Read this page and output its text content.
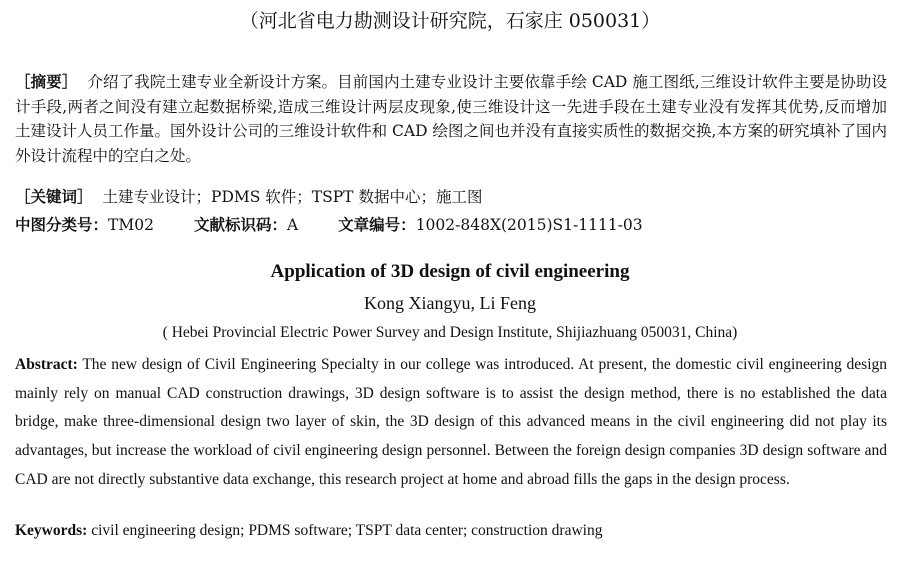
（河北省电力勘测设计研究院，石家庄 050031）
［摘要］ 介绍了我院土建专业全新设计方案。目前国内土建专业设计主要依靠手绘 CAD 施工图纸,三维设计软件主要是协助设计手段,两者之间没有建立起数据桥梁,造成三维设计两层皮现象,使三维设计这一先进手段在土建专业没有发挥其优势,反而增加土建设计人员工作量。国外设计公司的三维设计软件和 CAD 绘图之间也并没有直接实质性的数据交换,本方案的研究填补了国内外设计流程中的空白之处。
［关键词］ 土建专业设计；PDMS 软件；TSPT 数据中心；施工图
中图分类号：TM02	文献标识码：A	文章编号：1002-848X(2015)S1-1111-03
Application of 3D design of civil engineering
Kong Xiangyu, Li Feng
( Hebei Provincial Electric Power Survey and Design Institute, Shijiazhuang 050031, China)
Abstract: The new design of Civil Engineering Specialty in our college was introduced. At present, the domestic civil engineering design mainly rely on manual CAD construction drawings, 3D design software is to assist the design method, there is no established the data bridge, make three-dimensional design two layer of skin, the 3D design of this advanced means in the civil engineering did not play its advantages, but increase the workload of civil engineering design personnel. Between the foreign design companies 3D design software and CAD are not directly substantive data exchange, this research project at home and abroad fills the gaps in the design process.
Keywords: civil engineering design; PDMS software; TSPT data center; construction drawing
